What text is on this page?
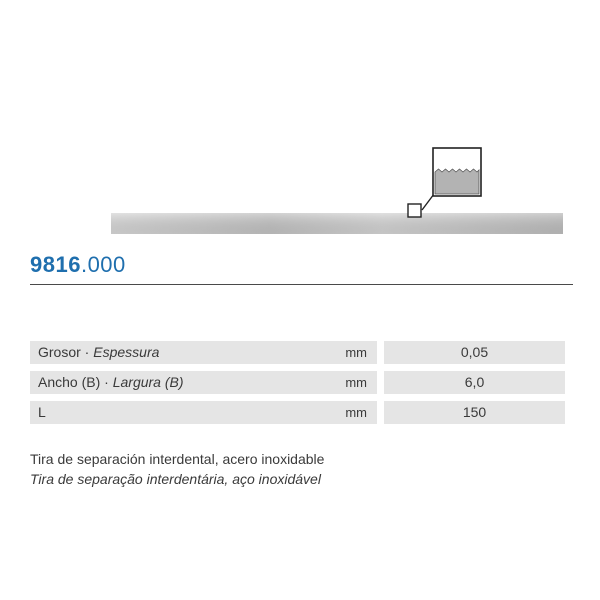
9816.000
Grosor · Espessura	mm	0,05
Ancho (B) · Largura (B)	mm	6,0
L	mm	150
Tira de separación interdental, acero inoxidable
Tira de separação interdentária, aço inoxidável
